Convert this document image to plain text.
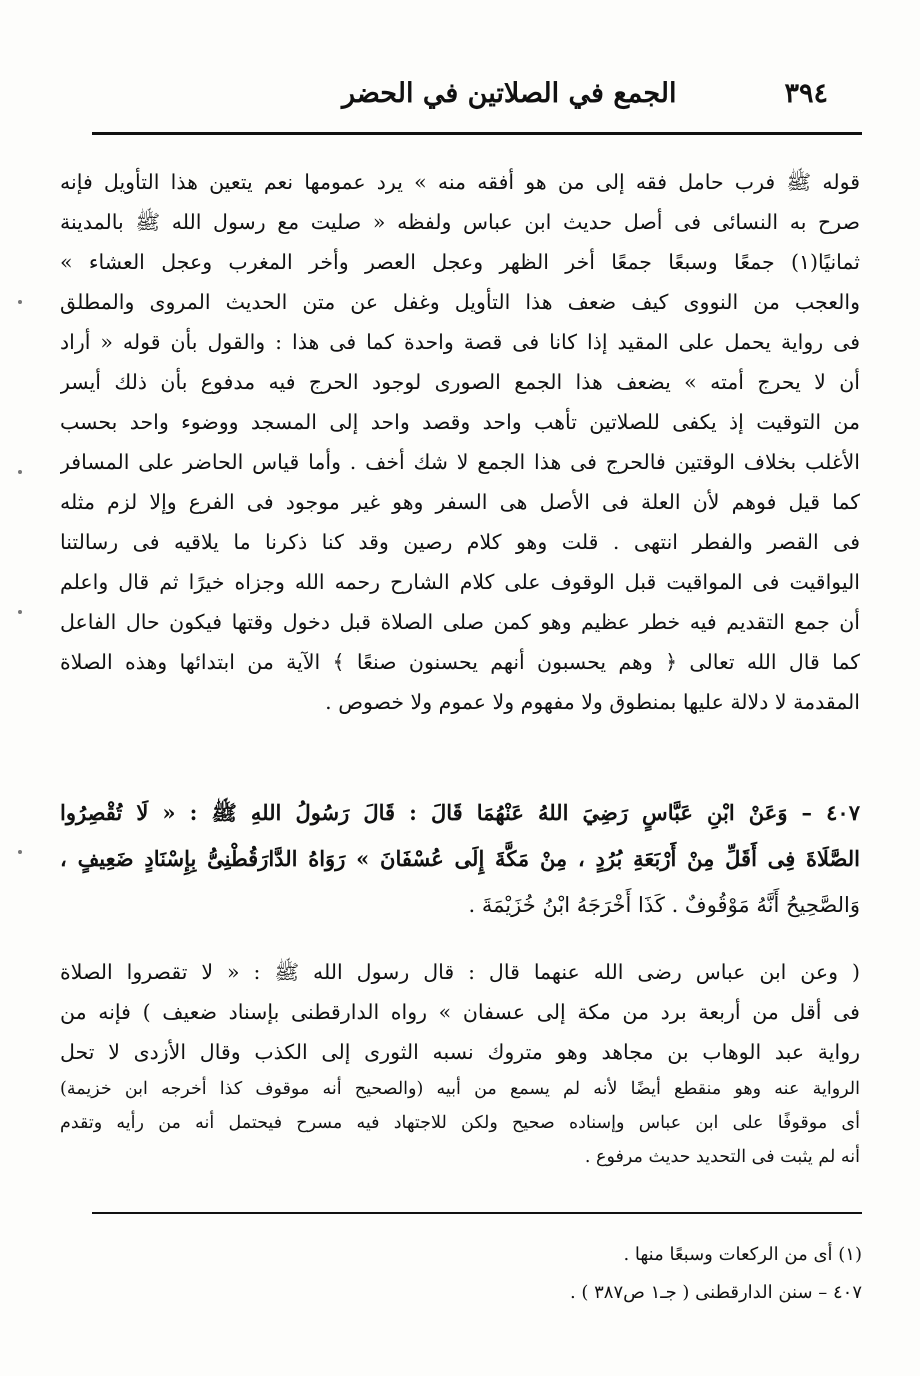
٣٩٤
الجمع في الصلاتين في الحضر
قوله ﷺ فرب حامل فقه إلى من هو أفقه منه » يرد عمومها نعم يتعين هذا التأويل فإنه
صرح به النسائى فى أصل حديث ابن عباس ولفظه « صليت مع رسول الله ﷺ بالمدينة
ثمانيًا(١) جمعًا وسبعًا جمعًا أخر الظهر وعجل العصر وأخر المغرب وعجل العشاء »
والعجب من النووى كيف ضعف هذا التأويل وغفل عن متن الحديث المروى والمطلق
فى رواية يحمل على المقيد إذا كانا فى قصة واحدة كما فى هذا : والقول بأن قوله « أراد
أن لا يحرج أمته » يضعف هذا الجمع الصورى لوجود الحرج فيه مدفوع بأن ذلك أيسر
من التوقيت إذ يكفى للصلاتين تأهب واحد وقصد واحد إلى المسجد ووضوء واحد بحسب
الأغلب بخلاف الوقتين فالحرج فى هذا الجمع لا شك أخف . وأما قياس الحاضر على المسافر
كما قيل فوهم لأن العلة فى الأصل هى السفر وهو غير موجود فى الفرع وإلا لزم مثله
فى القصر والفطر انتهى . قلت وهو كلام رصين وقد كنا ذكرنا ما يلاقيه فى رسالتنا
اليواقيت فى المواقيت قبل الوقوف على كلام الشارح رحمه الله وجزاه خيرًا ثم قال واعلم
أن جمع التقديم فيه خطر عظيم وهو كمن صلى الصلاة قبل دخول وقتها فيكون حال الفاعل
كما قال الله تعالى ﴿ وهم يحسبون أنهم يحسنون صنعًا ﴾ الآية من ابتدائها وهذه الصلاة
المقدمة لا دلالة عليها بمنطوق ولا مفهوم ولا عموم ولا خصوص .
٤٠٧ – وَعَنْ ابْنِ عَبَّاسٍ رَضِيَ اللهُ عَنْهُمَا قَالَ : قَالَ رَسُولُ اللهِ ﷺ : « لَا تُقْصِرُوا
الصَّلَاةَ فِى أَقَلِّ مِنْ أَرْبَعَةِ بُرُدٍ ، مِنْ مَكَّةَ إِلَى عُسْفَانَ » رَوَاهُ الدَّارَقُطْنِىُّ بِإِسْنَادٍ ضَعِيفٍ ،
وَالصَّحِيحُ أَنَّهُ مَوْقُوفٌ . كَذَا أَخْرَجَهُ ابْنُ خُزَيْمَةَ .
( وعن ابن عباس رضى الله عنهما قال : قال رسول الله ﷺ : « لا تقصروا الصلاة
فى أقل من أربعة برد من مكة إلى عسفان » رواه الدارقطنى بإسناد ضعيف ) فإنه من
رواية عبد الوهاب بن مجاهد وهو متروك نسبه الثورى إلى الكذب وقال الأزدى لا تحل
الرواية عنه وهو منقطع أيضًا لأنه لم يسمع من أبيه (والصحيح أنه موقوف كذا أخرجه ابن خزيمة)
أى موقوفًا على ابن عباس وإسناده صحيح ولكن للاجتهاد فيه مسرح فيحتمل أنه من رأيه وتقدم
أنه لم يثبت فى التحديد حديث مرفوع .
(١) أى من الركعات وسبعًا منها .
٤٠٧ – سنن الدارقطنى ( جـ١ ص٣٨٧ ) .
